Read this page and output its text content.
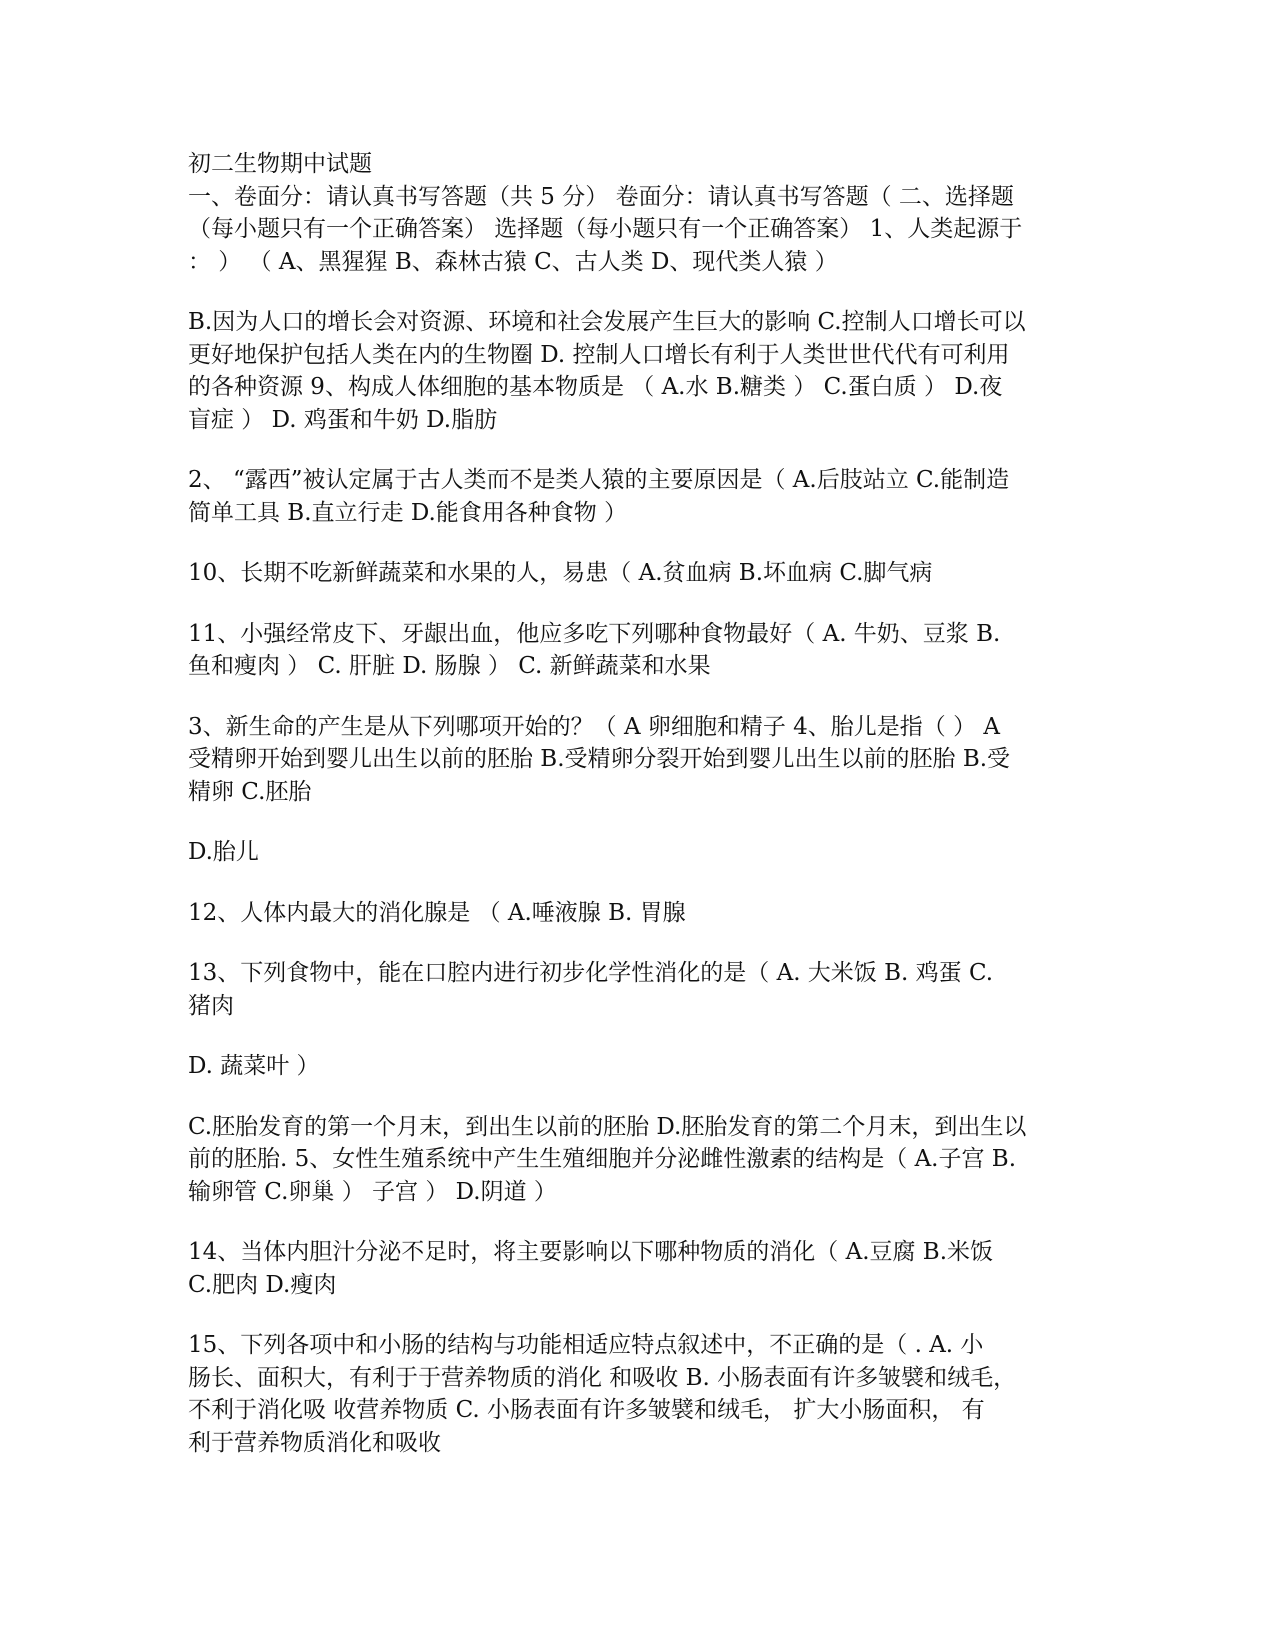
初二生物期中试题
一、卷面分：请认真书写答题（共 5 分） 卷面分：请认真书写答题（ 二、选择题
（每小题只有一个正确答案） 选择题（每小题只有一个正确答案） 1、人类起源于
： ） （ A、黑猩猩 B、森林古猿 C、古人类 D、现代类人猿 ）
B.因为人口的增长会对资源、环境和社会发展产生巨大的影响 C.控制人口增长可以
更好地保护包括人类在内的生物圈 D. 控制人口增长有利于人类世世代代有可利用
的各种资源 9、构成人体细胞的基本物质是 （ A.水 B.糖类 ） C.蛋白质 ） D.夜
盲症 ） D. 鸡蛋和牛奶 D.脂肪
2、 “露西”被认定属于古人类而不是类人猿的主要原因是（ A.后肢站立 C.能制造
简单工具 B.直立行走 D.能食用各种食物 ）
10、长期不吃新鲜蔬菜和水果的人，易患（ A.贫血病 B.坏血病 C.脚气病
11、小强经常皮下、牙龈出血，他应多吃下列哪种食物最好（ A. 牛奶、豆浆 B.
鱼和瘦肉 ） C. 肝脏 D. 肠腺 ） C. 新鲜蔬菜和水果
3、新生命的产生是从下列哪项开始的？（ A 卵细胞和精子 4、胎儿是指（ ） A
受精卵开始到婴儿出生以前的胚胎 B.受精卵分裂开始到婴儿出生以前的胚胎 B.受
精卵 C.胚胎
D.胎儿
12、人体内最大的消化腺是 （ A.唾液腺 B. 胃腺
13、下列食物中，能在口腔内进行初步化学性消化的是（ A. 大米饭 B. 鸡蛋 C.
猪肉
D. 蔬菜叶 ）
C.胚胎发育的第一个月末，到出生以前的胚胎 D.胚胎发育的第二个月末，到出生以
前的胚胎. 5、女性生殖系统中产生生殖细胞并分泌雌性激素的结构是（ A.子宫 B.
输卵管 C.卵巢 ） 子宫 ） D.阴道 ）
14、当体内胆汁分泌不足时，将主要影响以下哪种物质的消化（ A.豆腐 B.米饭
C.肥肉 D.瘦肉
15、下列各项中和小肠的结构与功能相适应特点叙述中，不正确的是（ . A. 小
肠长、面积大，有利于于营养物质的消化 和吸收 B. 小肠表面有许多皱襞和绒毛，
不利于消化吸 收营养物质 C. 小肠表面有许多皱襞和绒毛， 扩大小肠面积， 有
利于营养物质消化和吸收
